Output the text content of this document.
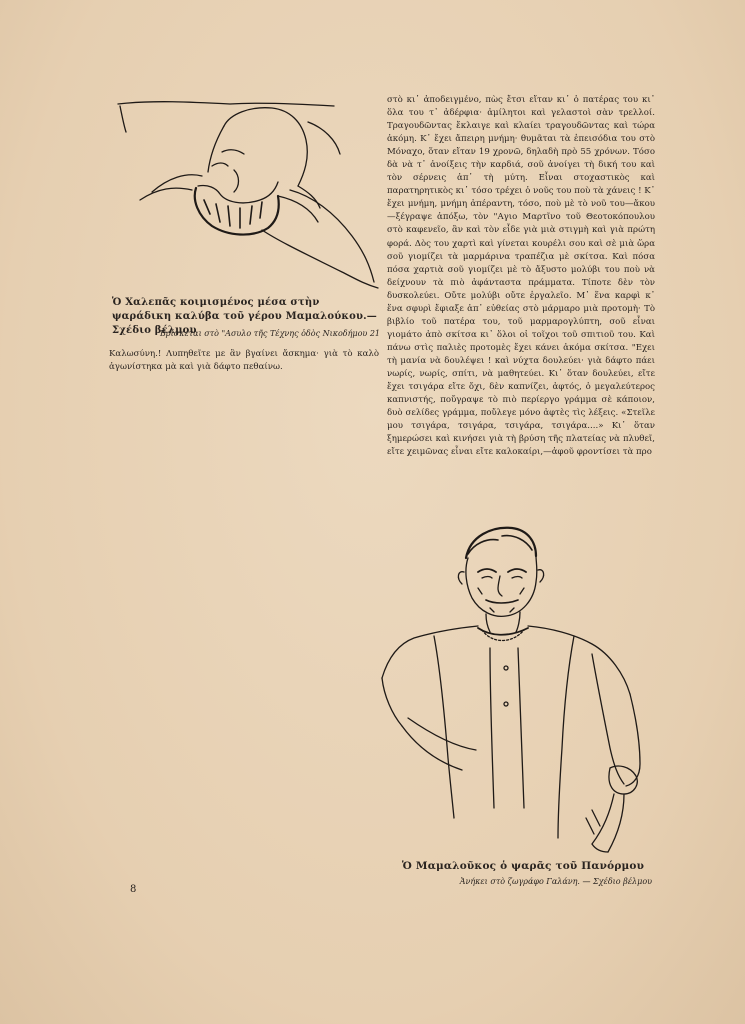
Ὁ Χαλεπᾶς κοιμισμένος μέσα στὴν ψαράδικη καλύβα τοῦ γέρου Μαμαλούκου.— Σχέδιο βέλμου
Βρίσκεται στὸ "Ασυλο τῆς Τέχνης ὁδὸς Νικοδήμου 21

Καλωσύνη.! Λυπηθεῖτε με ἂν βγαίνει ἄσκημα· γιὰ τὸ καλὸ ἀγωνίστηκα μὰ καὶ γιὰ δάφτο πεθαίνω.

8

στὸ κι᾿ ἀποδειγμένο, πὼς ἔτσι εἴταν κι᾿ ὁ πατέρας του κι᾿ ὅλα του τ᾿ ἀδέρφια· ἀμίλητοι καὶ γελαστοὶ σὰν τρελλοί. Τραγουδῶντας ἔκλαιγε καὶ κλαίει τραγουδῶντας καὶ τώρα ἀκόμη. Κ᾿ ἔχει ἄπειρη μνήμη· θυμᾶται τὰ ἐπεισόδια του στὸ Μόναχο, ὅταν εἴταν 19 χρονῶ, δηλαδὴ πρὸ 55 χρόνων. Τόσο δὰ νὰ τ᾿ ἀνοίξεις τὴν καρδιά, σοῦ ἀνοίγει τὴ δική του καὶ τὸν σέρνεις ἀπ᾿ τὴ μύτη. Εἶναι στοχαστικὸς καὶ παρατηρητικὸς κι᾿ τόσο τρέχει ὁ νοῦς του ποὺ τὰ χάνεις ! Κ᾿ ἔχει μνήμη, μνήμη ἀπέραντη, τόσο, ποὺ μὲ τὸ νοῦ του—ἄκου—ξέγραψε ἀπόξω, τὸν "Αγιο Μαρτῖνο τοῦ Θεοτοκόπουλου στὸ καφενεῖο, ἂν καὶ τὸν εἶδε γιὰ μιὰ στιγμὴ καὶ γιὰ πρώτη φορά. Δὸς του χαρτὶ καὶ γίνεται κουρέλι σου καὶ σὲ μιὰ ὥρα σοῦ γιομίζει τὰ μαρμάρινα τραπέζια μὲ σκίτσα. Καὶ πόσα πόσα χαρτιὰ σοῦ γιομίζει μὲ τὸ ἄξυστο μολύβι του ποὺ νὰ δείχνουν τὰ πιὸ ἀφάνταστα πράμματα. Τίποτε δὲν τὸν δυσκολεύει. Οὔτε μολύβι οὔτε ἐργαλεῖο. Μ᾿ ἕνα καρφὶ κ᾿ ἕνα σφυρὶ ἔφιαξε ἀπ᾿ εὐθείας στὸ μάρμαρο μιὰ προτομὴ· Τὸ βιβλίο τοῦ πατέρα του, τοῦ μαρμαρογλύπτη, σοῦ εἶναι γιομάτο ἀπὸ σκίτσα κι᾿ ὅλοι οἱ τοῖχοι τοῦ σπιτιοῦ του. Καὶ πάνω στὶς παλιὲς προτομὲς ἔχει κάνει ἀκόμα σκίτσα. "Εχει τὴ μανία νὰ δουλέψει ! καὶ νύχτα δουλεύει· γιὰ δάφτο πάει νωρίς, νωρίς, σπίτι, νὰ μαθητεύει. Κι᾿ ὅταν δουλεύει, εἴτε ἔχει τσιγάρα εἴτε ὄχι, δὲν καπνίζει, ἀφτός, ὁ μεγαλεύτερος καπνιστής, ποὔγραψε τὸ πιὸ περίεργο γράμμα σὲ κάποιον, δυὸ σελίδες γράμμα, ποὔλεγε μόνο ἀφτὲς τὶς λέξεις. «Στεῖλε μου τσιγάρα, τσιγάρα, τσιγάρα, τσιγάρα....» Κι᾿ ὅταν ξημερώσει καὶ κινήσει γιὰ τὴ βρύση τῆς πλατείας νὰ πλυθεῖ, εἴτε χειμῶνας εἶναι εἴτε καλοκαίρι,—ἀφοῦ φροντίσει τὰ προ

Ὁ Μαμαλοῦκος ὁ ψαρᾶς τοῦ Πανόρμου
Ἀνήκει στὸ ζωγράφο Γαλάνη. — Σχέδιο βέλμου
